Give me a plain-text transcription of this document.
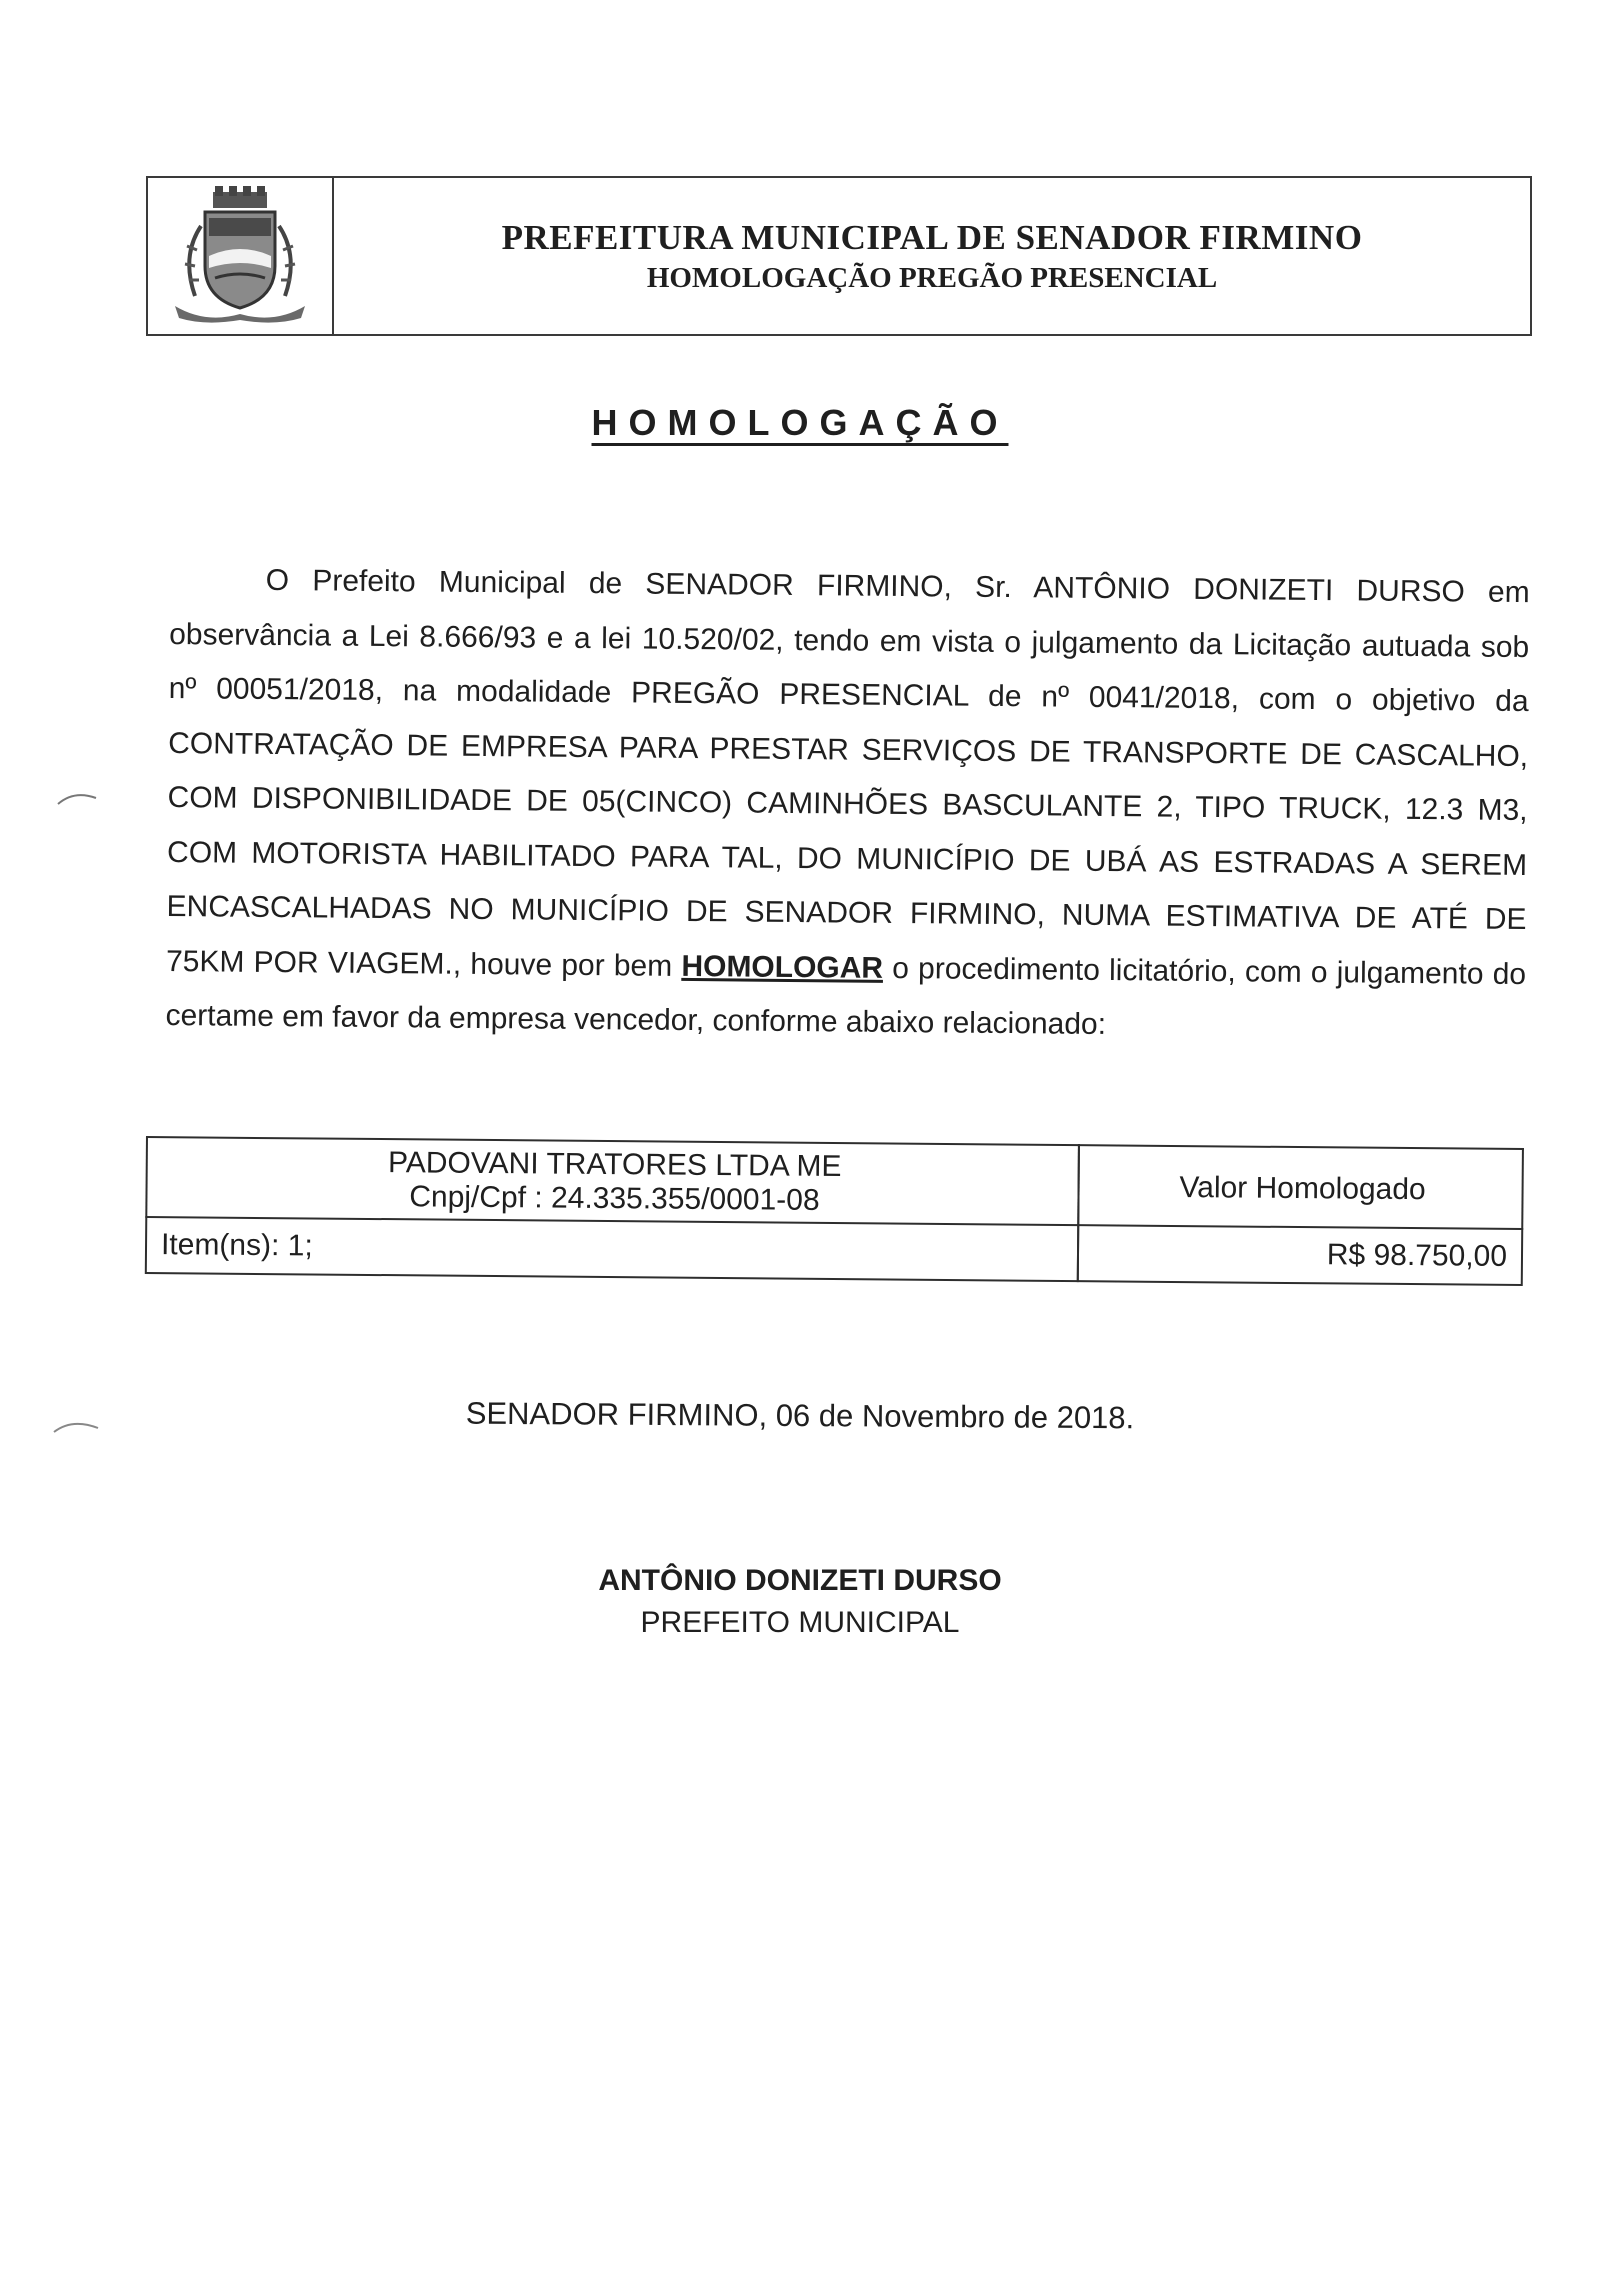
PREFEITURA MUNICIPAL DE SENADOR FIRMINO
HOMOLOGAÇÃO PREGÃO PRESENCIAL
HOMOLOGAÇÃO

O Prefeito Municipal de SENADOR FIRMINO, Sr. ANTÔNIO DONIZETI DURSO em observância a Lei 8.666/93 e a lei 10.520/02, tendo em vista o julgamento da Licitação autuada sob nº 00051/2018, na modalidade PREGÃO PRESENCIAL de nº 0041/2018, com o objetivo da CONTRATAÇÃO DE EMPRESA PARA PRESTAR SERVIÇOS DE TRANSPORTE DE CASCALHO, COM DISPONIBILIDADE DE 05(CINCO) CAMINHÕES BASCULANTE 2, TIPO TRUCK, 12.3 M3, COM MOTORISTA HABILITADO PARA TAL, DO MUNICÍPIO DE UBÁ AS ESTRADAS A SEREM ENCASCALHADAS NO MUNICÍPIO DE SENADOR FIRMINO, NUMA ESTIMATIVA DE ATÉ DE 75KM POR VIAGEM., houve por bem HOMOLOGAR o procedimento licitatório, com o julgamento do certame em favor da empresa vencedor, conforme abaixo relacionado:

PADOVANI TRATORES LTDA ME
Cnpj/Cpf : 24.335.355/0001-08	Valor Homologado
Item(ns): 1;	R$ 98.750,00
SENADOR FIRMINO, 06 de Novembro de 2018.
ANTÔNIO DONIZETI DURSO
PREFEITO MUNICIPAL
